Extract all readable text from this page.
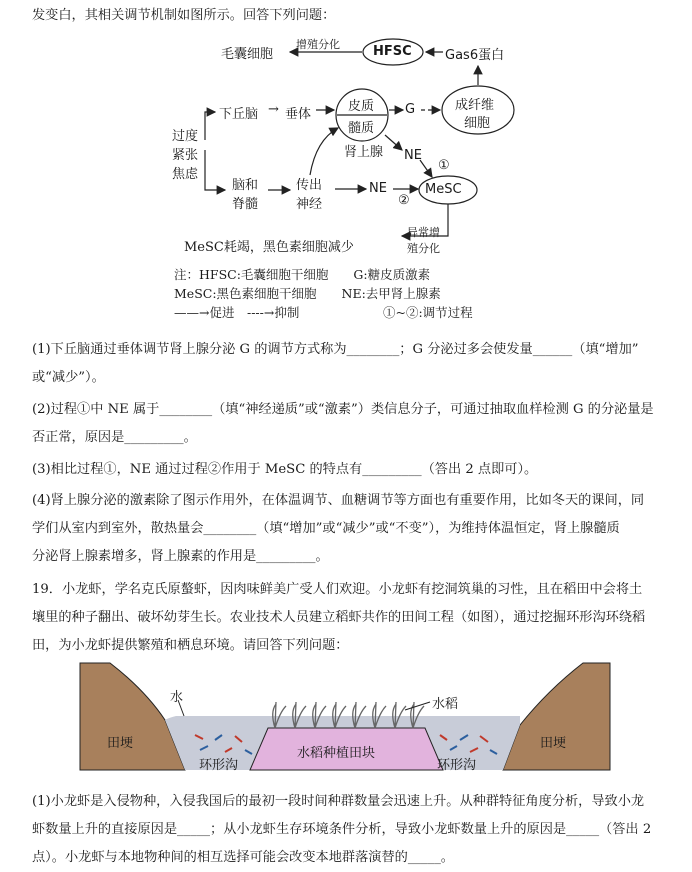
发变白，其相关调节机制如图所示。回答下列问题：
毛囊细胞
增殖分化	HFSC	Gas6蛋白
下丘脑 → 垂体
皮质
髓质
G	成纤维
细胞
过度
紧张
焦虑
肾上腺 NE
①
脑和
脊髓
传出
神经
NE	MeSC
②
异常增
殖分化
MeSC耗竭，黑色素细胞减少
注：HFSC:毛囊细胞干细胞　　G:糖皮质激素
MeSC:黑色素细胞干细胞　　NE:去甲肾上腺素
——→促进　----→抑制	①~②:调节过程
(1)下丘脑通过垂体调节肾上腺分泌 G 的调节方式称为________；G 分泌过多会使发量______（填“增加”
或“减少”）。
(2)过程①中 NE 属于________（填“神经递质”或“激素”）类信息分子，可通过抽取血样检测 G 的分泌量是
否正常，原因是_________。
(3)相比过程①，NE 通过过程②作用于 MeSC 的特点有_________（答出 2 点即可）。
(4)肾上腺分泌的激素除了图示作用外，在体温调节、血糖调节等方面也有重要作用，比如冬天的课间，同
学们从室内到室外，散热量会________（填“增加”或“减少”或“不变”），为维持体温恒定，肾上腺髓质
分泌肾上腺素增多，肾上腺素的作用是_________。
19．小龙虾，学名克氏原螯虾，因肉味鲜美广受人们欢迎。小龙虾有挖洞筑巢的习性，且在稻田中会将土
壤里的种子翻出、破坏幼芽生长。农业技术人员建立稻虾共作的田间工程（如图），通过挖掘环形沟环绕稻
田，为小龙虾提供繁殖和栖息环境。请回答下列问题：
水	水稻
田埂	田埂
水稻种植田块
环形沟	环形沟
(1)小龙虾是入侵物种，入侵我国后的最初一段时间种群数量会迅速上升。从种群特征角度分析，导致小龙
虾数量上升的直接原因是_____；从小龙虾生存环境条件分析，导致小龙虾数量上升的原因是_____（答出 2
点）。小龙虾与本地物种间的相互选择可能会改变本地群落演替的_____。
